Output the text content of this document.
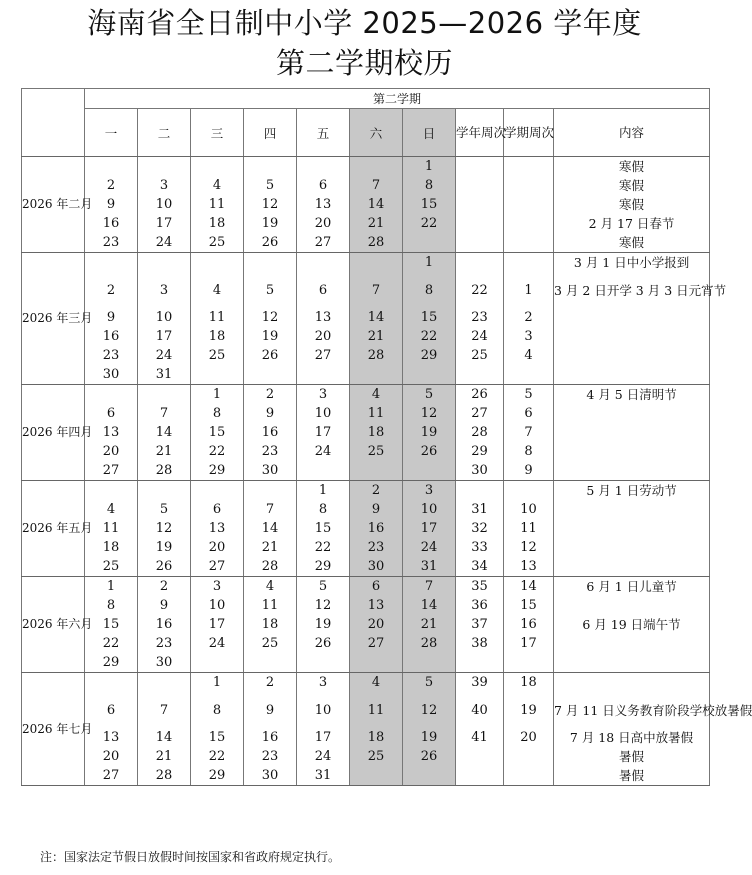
海南省全日制中小学 2025—2026 学年度
第二学期校历
	第二学期									
	一	二	三	四	五	六	日	学年周次	学期周次	内容
2026 年二月							1			寒假
	2	3	4	5	6	7	8			寒假
	9	10	11	12	13	14	15			寒假
	16	17	18	19	20	21	22			2 月 17 日春节
	23	24	25	26	27	28				寒假
2026 年三月							1			3 月 1 日中小学报到
	2	3	4	5	6	7	8	22	1	3 月 2 日开学 3 月 3 日元宵节
	9	10	11	12	13	14	15	23	2	
	16	17	18	19	20	21	22	24	3	
	23	24	25	26	27	28	29	25	4	
	30	31								
2026 年四月			1	2	3	4	5	26	5	4 月 5 日清明节
	6	7	8	9	10	11	12	27	6	
	13	14	15	16	17	18	19	28	7	
	20	21	22	23	24	25	26	29	8	
	27	28	29	30				30	9	
2026 年五月					1	2	3			5 月 1 日劳动节
	4	5	6	7	8	9	10	31	10	
	11	12	13	14	15	16	17	32	11	
	18	19	20	21	22	23	24	33	12	
	25	26	27	28	29	30	31	34	13	
2026 年六月	1	2	3	4	5	6	7	35	14	6 月 1 日儿童节
	8	9	10	11	12	13	14	36	15	
	15	16	17	18	19	20	21	37	16	6 月 19 日端午节
	22	23	24	25	26	27	28	38	17	
	29	30								
2026 年七月			1	2	3	4	5	39	18	
	6	7	8	9	10	11	12	40	19	7 月 11 日义务教育阶段学校放暑假
	13	14	15	16	17	18	19	41	20	7 月 18 日高中放暑假
	20	21	22	23	24	25	26			暑假
	27	28	29	30	31					暑假
注：国家法定节假日放假时间按国家和省政府规定执行。
